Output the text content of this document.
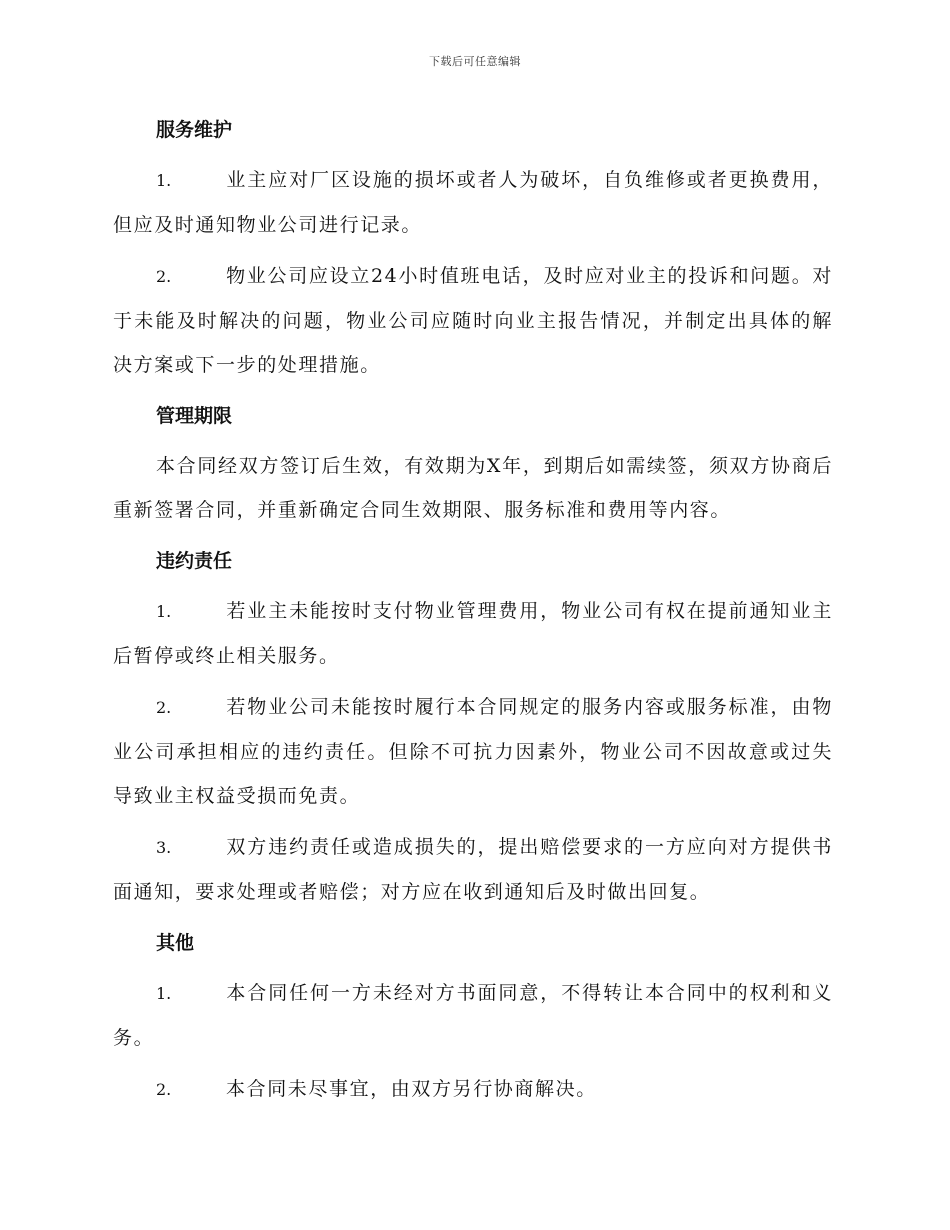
下载后可任意编辑
服务维护

1.	业主应对厂区设施的损坏或者人为破坏，自负维修或者更换费用，但应及时通知物业公司进行记录。

2.	物业公司应设立24小时值班电话，及时应对业主的投诉和问题。对于未能及时解决的问题，物业公司应随时向业主报告情况，并制定出具体的解决方案或下一步的处理措施。

管理期限

本合同经双方签订后生效，有效期为X年，到期后如需续签，须双方协商后重新签署合同，并重新确定合同生效期限、服务标准和费用等内容。

违约责任

1.	若业主未能按时支付物业管理费用，物业公司有权在提前通知业主后暂停或终止相关服务。

2.	若物业公司未能按时履行本合同规定的服务内容或服务标准，由物业公司承担相应的违约责任。但除不可抗力因素外，物业公司不因故意或过失导致业主权益受损而免责。

3.	双方违约责任或造成损失的，提出赔偿要求的一方应向对方提供书面通知，要求处理或者赔偿；对方应在收到通知后及时做出回复。

其他

1.	本合同任何一方未经对方书面同意，不得转让本合同中的权利和义务。

2.	本合同未尽事宜，由双方另行协商解决。
